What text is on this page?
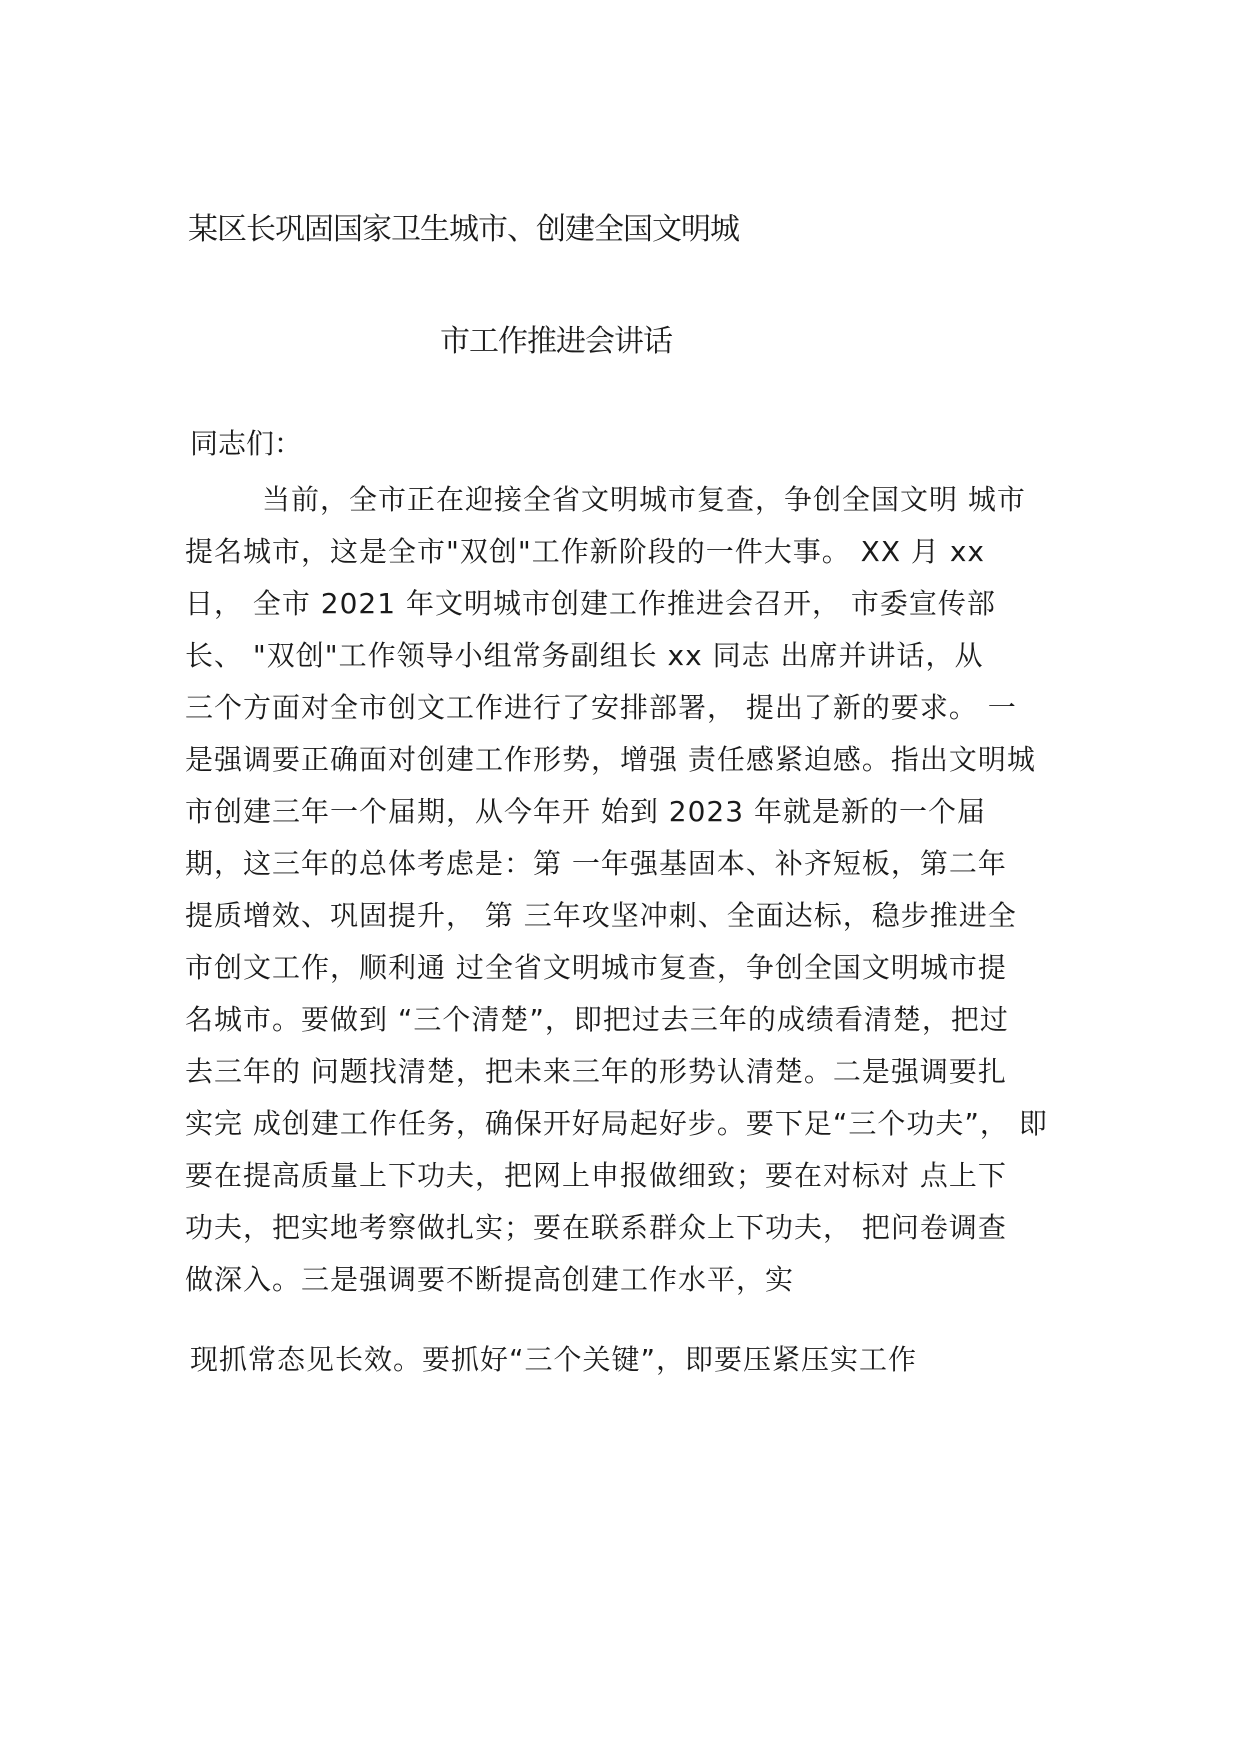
某区长巩固国家卫生城市、创建全国文明城
市工作推进会讲话
同志们：
当前，全市正在迎接全省文明城市复查，争创全国文明 城市
提名城市，这是全市"双创"工作新阶段的一件大事。 XX 月 xx
日， 全市 2021 年文明城市创建工作推进会召开， 市委宣传部
长、 "双创"工作领导小组常务副组长 xx 同志 出席并讲话，从
三个方面对全市创文工作进行了安排部署， 提出了新的要求。 一
是强调要正确面对创建工作形势，增强 责任感紧迫感。指出文明城
市创建三年一个届期，从今年开 始到 2023 年就是新的一个届
期，这三年的总体考虑是：第 一年强基固本、补齐短板，第二年
提质增效、巩固提升， 第 三年攻坚冲刺、全面达标，稳步推进全
市创文工作，顺利通 过全省文明城市复查，争创全国文明城市提
名城市。要做到 “三个清楚”，即把过去三年的成绩看清楚，把过
去三年的 问题找清楚，把未来三年的形势认清楚。二是强调要扎
实完 成创建工作任务，确保开好局起好步。要下足“三个功夫”， 即
要在提高质量上下功夫，把网上申报做细致；要在对标对 点上下
功夫，把实地考察做扎实；要在联系群众上下功夫， 把问卷调查
做深入。三是强调要不断提高创建工作水平，实
现抓常态见长效。要抓好“三个关键”，即要压紧压实工作
